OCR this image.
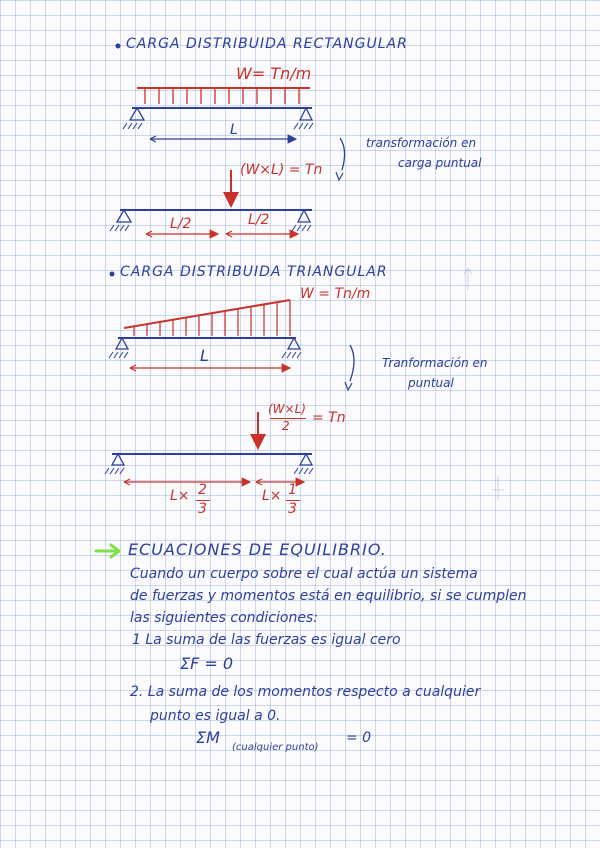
CARGA DISTRIBUIDA RECTANGULAR
W= Tn/m
L
(W×L) = Tn
transformación en
carga puntual
L/2	L/2
CARGA DISTRIBUIDA TRIANGULAR
W = Tn/m
L	Tranformación en
puntual
(W×L)
2 = Tn
L× 2
3
L× 1
3
ECUACIONES DE EQUILIBRIO.
Cuando un cuerpo sobre el cual actúa un sistema
de fuerzas y momentos está en equilibrio, si se cumplen
las siguientes condiciones:
1 La suma de las fuerzas es igual cero
ΣF = 0
2. La suma de los momentos respecto a cualquier
punto es igual a 0.
ΣM
(cualquier punto)
= 0
